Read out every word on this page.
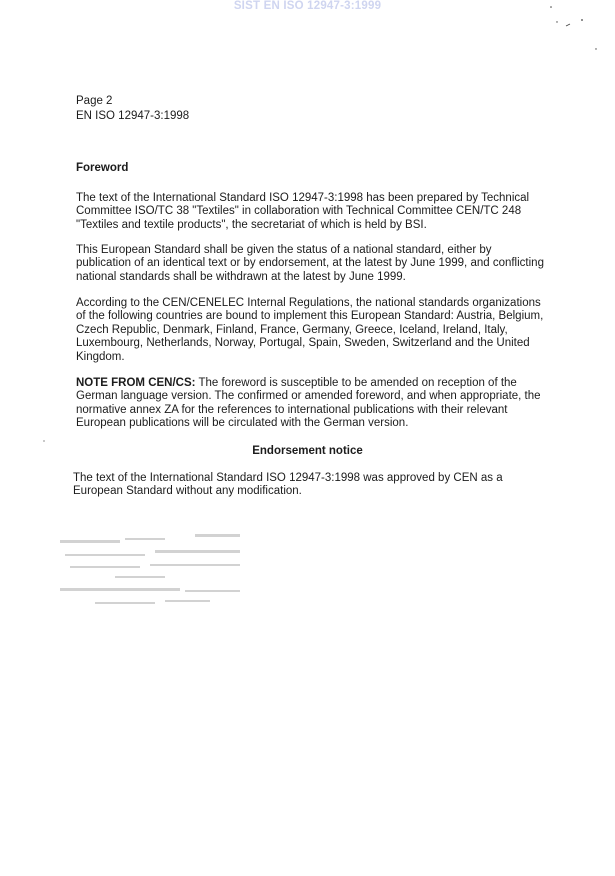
SIST EN ISO 12947-3:1999
Page 2
EN ISO 12947-3:1998
Foreword

The text of the International Standard ISO 12947-3:1998 has been prepared by Technical Committee ISO/TC 38 "Textiles" in collaboration with Technical Committee CEN/TC 248 "Textiles and textile products", the secretariat of which is held by BSI.

This European Standard shall be given the status of a national standard, either by publication of an identical text or by endorsement, at the latest by June 1999, and conflicting national standards shall be withdrawn at the latest by June 1999.

According to the CEN/CENELEC Internal Regulations, the national standards organizations of the following countries are bound to implement this European Standard: Austria, Belgium, Czech Republic, Denmark, Finland, France, Germany, Greece, Iceland, Ireland, Italy, Luxembourg, Netherlands, Norway, Portugal, Spain, Sweden, Switzerland and the United Kingdom.

NOTE FROM CEN/CS: The foreword is susceptible to be amended on reception of the German language version. The confirmed or amended foreword, and when appropriate, the normative annex ZA for the references to international publications with their relevant European publications will be circulated with the German version.

Endorsement notice

The text of the International Standard ISO 12947-3:1998 was approved by CEN as a European Standard without any modification.
